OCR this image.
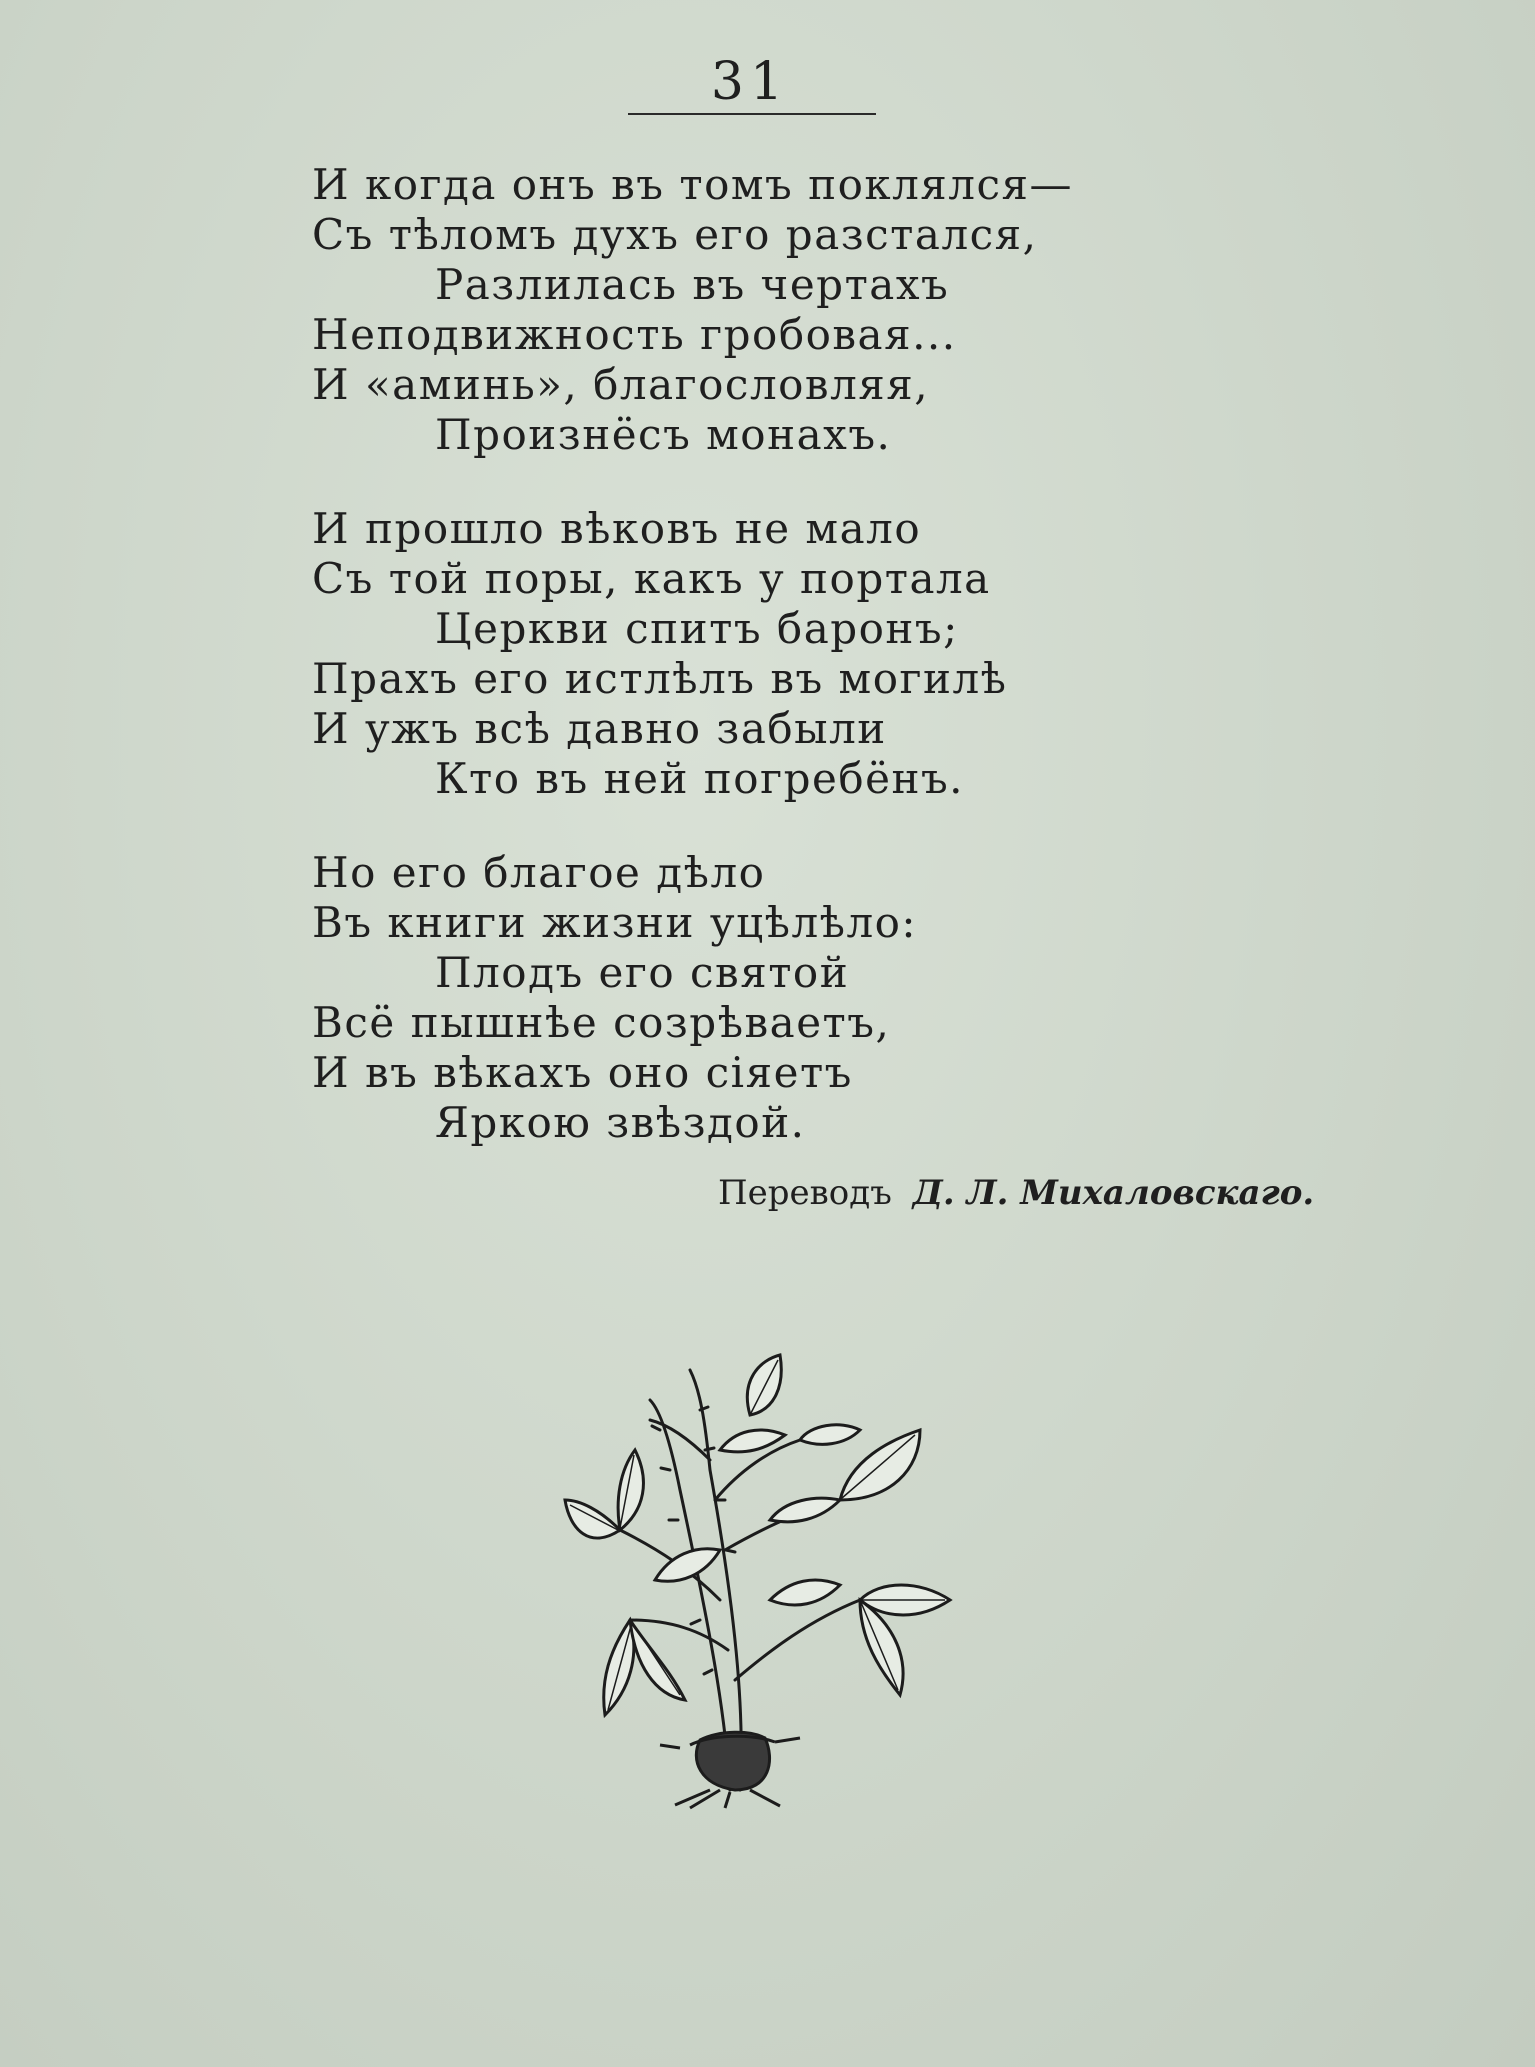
31
И когда онъ въ томъ поклялся—
Съ тѣломъ духъ его разстался,
Разлилась въ чертахъ
Неподвижность гробовая...
И «аминь», благословляя,
Произнёсъ монахъ.
И прошло вѣковъ не мало
Съ той поры, какъ у портала
Церкви спитъ баронъ;
Прахъ его истлѣлъ въ могилѣ
И ужъ всѣ давно забыли
Кто въ ней погребёнъ.
Но его благое дѣло
Въ книги жизни уцѣлѣло:
Плодъ его святой
Всё пышнѣе созрѣваетъ,
И въ вѣкахъ оно сіяетъ
Яркою звѣздой.
Переводъ Д. Л. Михаловскаго.
